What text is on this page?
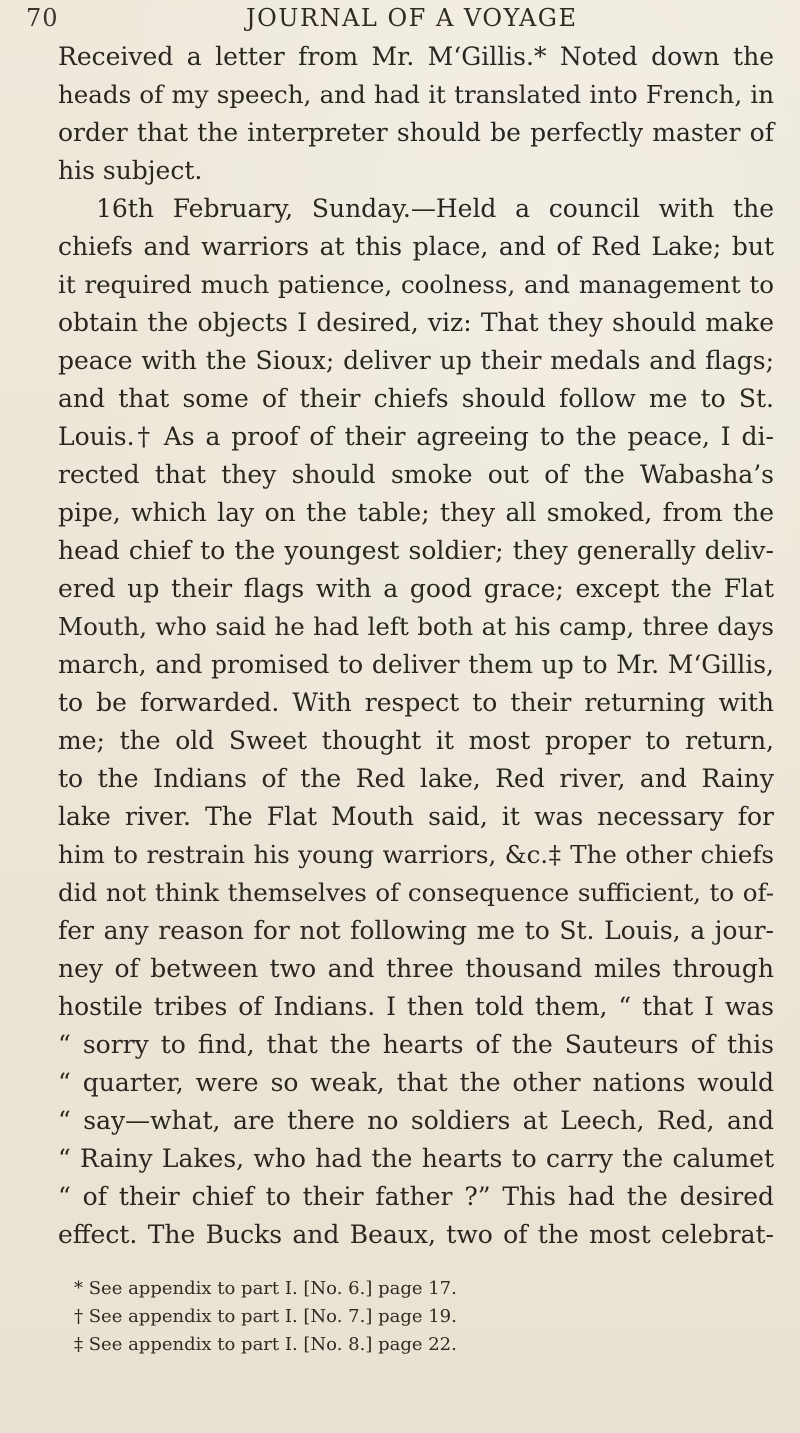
70	JOURNAL OF A VOYAGE
Received a letter from Mr. M‘Gillis.* Noted down the
heads of my speech, and had it translated into French, in
order that the interpreter should be perfectly master of
his subject.
16th February, Sunday.—Held a council with the
chiefs and warriors at this place, and of Red Lake; but
it required much patience, coolness, and management to
obtain the objects I desired, viz: That they should make
peace with the Sioux; deliver up their medals and flags;
and that some of their chiefs should follow me to St.
Louis.† As a proof of their agreeing to the peace, I di-
rected that they should smoke out of the Wabasha’s
pipe, which lay on the table; they all smoked, from the
head chief to the youngest soldier; they generally deliv-
ered up their flags with a good grace; except the Flat
Mouth, who said he had left both at his camp, three days
march, and promised to deliver them up to Mr. M‘Gillis,
to be forwarded. With respect to their returning with
me; the old Sweet thought it most proper to return,
to the Indians of the Red lake, Red river, and Rainy
lake river. The Flat Mouth said, it was necessary for
him to restrain his young warriors, &c.‡ The other chiefs
did not think themselves of consequence sufficient, to of-
fer any reason for not following me to St. Louis, a jour-
ney of between two and three thousand miles through
hostile tribes of Indians. I then told them, “ that I was
“ sorry to find, that the hearts of the Sauteurs of this
“ quarter, were so weak, that the other nations would
“ say—what, are there no soldiers at Leech, Red, and
“ Rainy Lakes, who had the hearts to carry the calumet
“ of their chief to their father ?” This had the desired
effect. The Bucks and Beaux, two of the most celebrat-
* See appendix to part I. [No. 6.] page 17.
† See appendix to part I. [No. 7.] page 19.
‡ See appendix to part I. [No. 8.] page 22.
